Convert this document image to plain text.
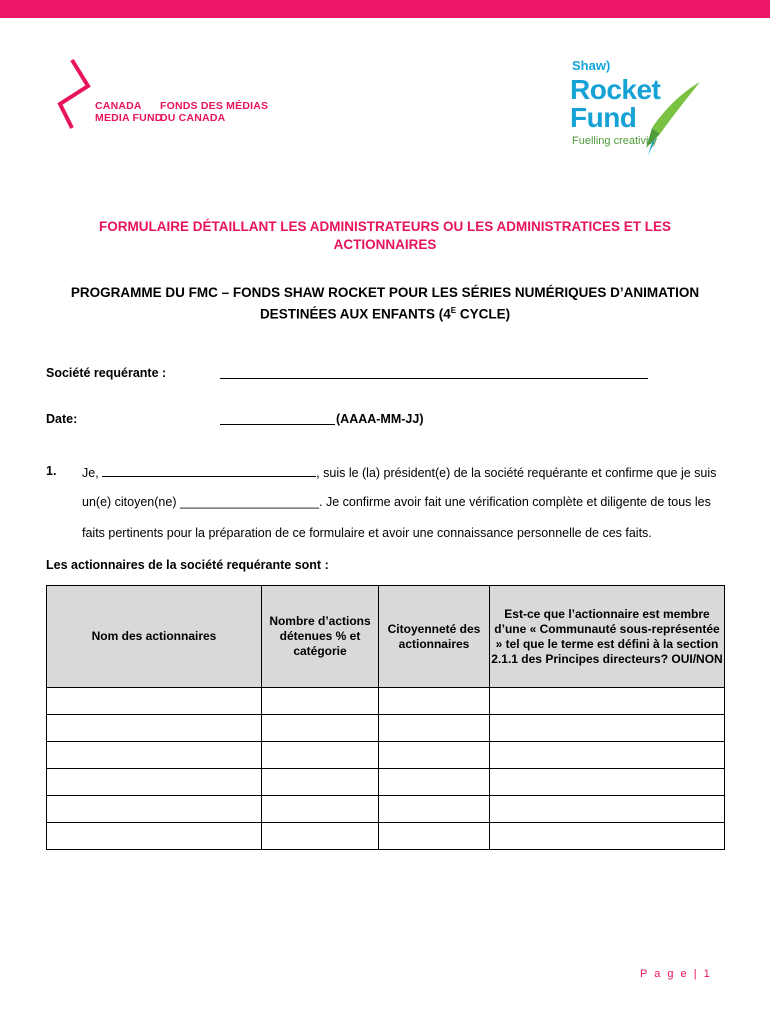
CANADA
MEDIA FUND
FONDS DES MÉDIAS
DU CANADA
Shaw)
Rocket
Fund
Fuelling creativity
FORMULAIRE DÉTAILLANT LES ADMINISTRATEURS OU LES ADMINISTRATICES ET LES
ACTIONNAIRES
PROGRAMME DU FMC – FONDS SHAW ROCKET POUR LES SÉRIES NUMÉRIQUES D’ANIMATION
DESTINÉES AUX ENFANTS ($4^E$ CYCLE)
Société requérante :
Date:	(AAAA-MM-JJ)
1. Je,	, suis le (la) président(e) de la société requérante et confirme que je suis
un(e) citoyen(ne) ____________________. Je confirme avoir fait une vérification complète et diligente de tous les
faits pertinents pour la préparation de ce formulaire et avoir une connaissance personnelle de ces faits.
Les actionnaires de la société requérante sont :
Nom des actionnaires	Nombre d’actions détenues % et catégorie	Citoyenneté des actionnaires	Est-ce que l’actionnaire est membre d’une « Communauté sous-représentée » tel que le terme est défini à la section 2.1.1 des Principes directeurs? OUI/NON

P a g e | 1
